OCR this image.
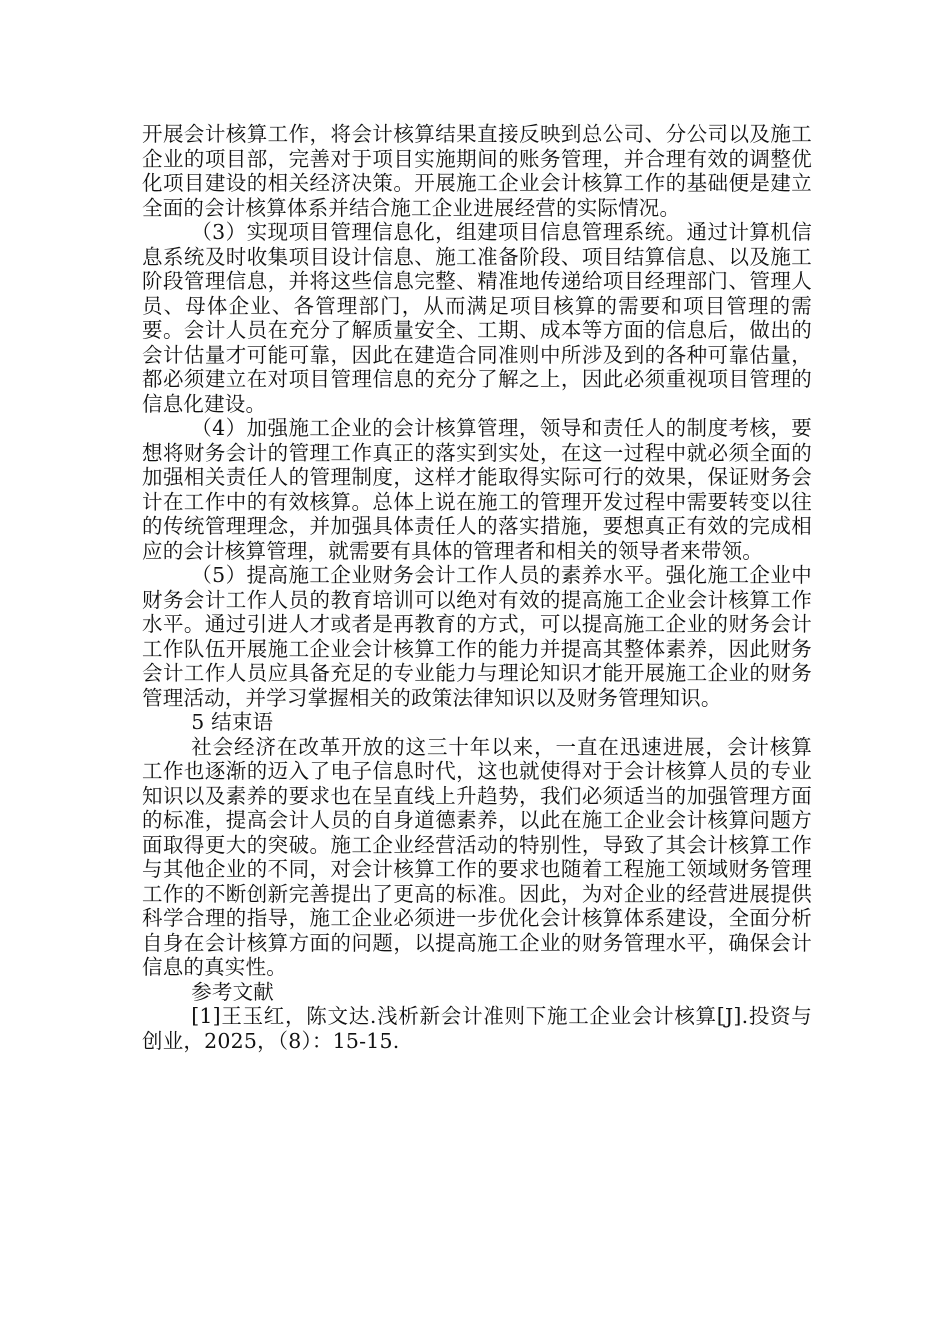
开展会计核算工作，将会计核算结果直接反映到总公司、分公司以及施工企业的项目部，完善对于项目实施期间的账务管理，并合理有效的调整优化项目建设的相关经济决策。开展施工企业会计核算工作的基础便是建立全面的会计核算体系并结合施工企业进展经营的实际情况。

（3）实现项目管理信息化，组建项目信息管理系统。通过计算机信息系统及时收集项目设计信息、施工准备阶段、项目结算信息、以及施工阶段管理信息，并将这些信息完整、精准地传递给项目经理部门、管理人员、母体企业、各管理部门，从而满足项目核算的需要和项目管理的需要。会计人员在充分了解质量安全、工期、成本等方面的信息后，做出的会计估量才可能可靠，因此在建造合同准则中所涉及到的各种可靠估量，都必须建立在对项目管理信息的充分了解之上，因此必须重视项目管理的信息化建设。

（4）加强施工企业的会计核算管理，领导和责任人的制度考核，要想将财务会计的管理工作真正的落实到实处，在这一过程中就必须全面的加强相关责任人的管理制度，这样才能取得实际可行的效果，保证财务会计在工作中的有效核算。总体上说在施工的管理开发过程中需要转变以往的传统管理理念，并加强具体责任人的落实措施，要想真正有效的完成相应的会计核算管理，就需要有具体的管理者和相关的领导者来带领。

（5）提高施工企业财务会计工作人员的素养水平。强化施工企业中财务会计工作人员的教育培训可以绝对有效的提高施工企业会计核算工作水平。通过引进人才或者是再教育的方式，可以提高施工企业的财务会计工作队伍开展施工企业会计核算工作的能力并提高其整体素养，因此财务会计工作人员应具备充足的专业能力与理论知识才能开展施工企业的财务管理活动，并学习掌握相关的政策法律知识以及财务管理知识。

5 结束语

社会经济在改革开放的这三十年以来，一直在迅速进展，会计核算工作也逐渐的迈入了电子信息时代，这也就使得对于会计核算人员的专业知识以及素养的要求也在呈直线上升趋势，我们必须适当的加强管理方面的标准，提高会计人员的自身道德素养，以此在施工企业会计核算问题方面取得更大的突破。施工企业经营活动的特别性，导致了其会计核算工作与其他企业的不同，对会计核算工作的要求也随着工程施工领域财务管理工作的不断创新完善提出了更高的标准。因此，为对企业的经营进展提供科学合理的指导，施工企业必须进一步优化会计核算体系建设，全面分析自身在会计核算方面的问题，以提高施工企业的财务管理水平，确保会计信息的真实性。

参考文献

[1]王玉红，陈文达.浅析新会计准则下施工企业会计核算[J].投资与创业，2025，（8）：15-15.
